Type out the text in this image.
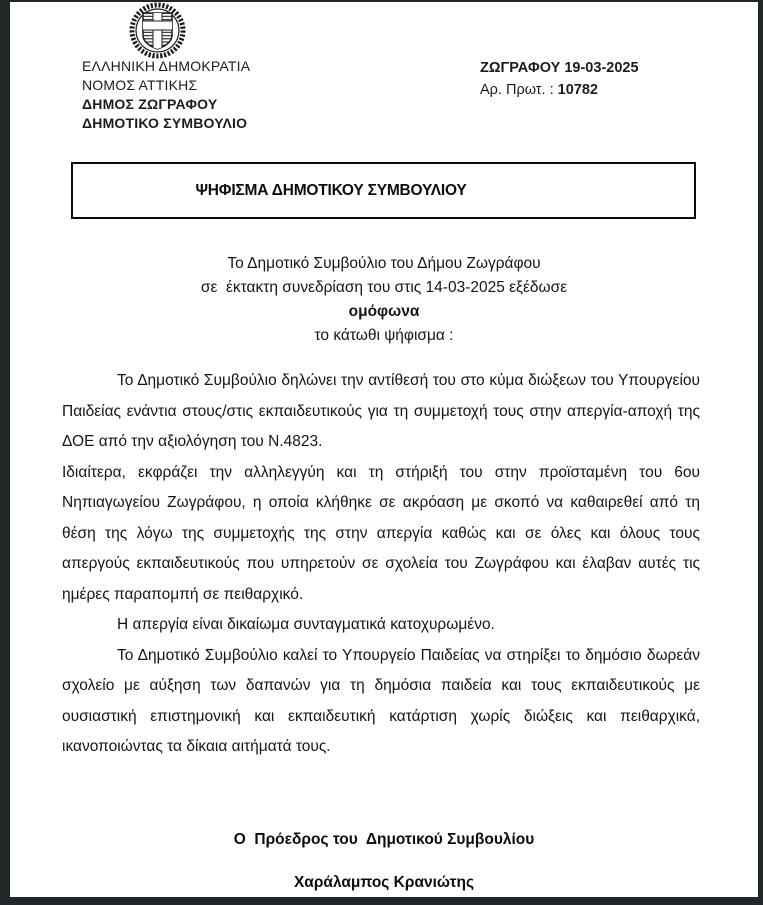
ΕΛΛΗΝΙΚΗ ΔΗΜΟΚΡΑΤΙΑ
ΝΟΜΟΣ ΑΤΤΙΚΗΣ
ΔΗΜΟΣ ΖΩΓΡΑΦΟΥ
ΔΗΜΟΤΙΚΟ ΣΥΜΒΟΥΛΙΟ
ΖΩΓΡΑΦΟΥ 19-03-2025
Αρ. Πρωτ. : 10782
ΨΗΦΙΣΜΑ ΔΗΜΟΤΙΚΟΥ ΣΥΜΒΟΥΛΙΟΥ
Το Δημοτικό Συμβούλιο του Δήμου Ζωγράφου
σε  έκτακτη συνεδρίαση του στις 14-03-2025 εξέδωσε
ομόφωνα
το κάτωθι ψήφισμα :

Το Δημοτικό Συμβούλιο δηλώνει την αντίθεσή του στο κύμα διώξεων του Υπουργείου Παιδείας ενάντια στους/στις εκπαιδευτικούς για τη συμμετοχή τους στην απεργία-αποχή της ΔΟΕ από την αξιολόγηση του Ν.4823.

Ιδιαίτερα, εκφράζει την αλληλεγγύη και τη στήριξή του στην προϊσταμένη του 6ου Νηπιαγωγείου Ζωγράφου, η οποία κλήθηκε σε ακρόαση με σκοπό να καθαιρεθεί από τη θέση της λόγω της συμμετοχής της στην απεργία καθώς και σε όλες και όλους τους απεργούς εκπαιδευτικούς που υπηρετούν σε σχολεία του Ζωγράφου και έλαβαν αυτές τις ημέρες παραπομπή σε πειθαρχικό.

Η απεργία είναι δικαίωμα συνταγματικά κατοχυρωμένο.

Το Δημοτικό Συμβούλιο καλεί το Υπουργείο Παιδείας να στηρίξει το δημόσιο δωρεάν σχολείο με αύξηση των δαπανών για τη δημόσια παιδεία και τους εκπαιδευτικούς με ουσιαστική επιστημονική και εκπαιδευτική κατάρτιση χωρίς διώξεις και πειθαρχικά, ικανοποιώντας τα δίκαια αιτήματά τους.

Ο  Πρόεδρος του  Δημοτικού Συμβουλίου
Χαράλαμπος Κρανιώτης
